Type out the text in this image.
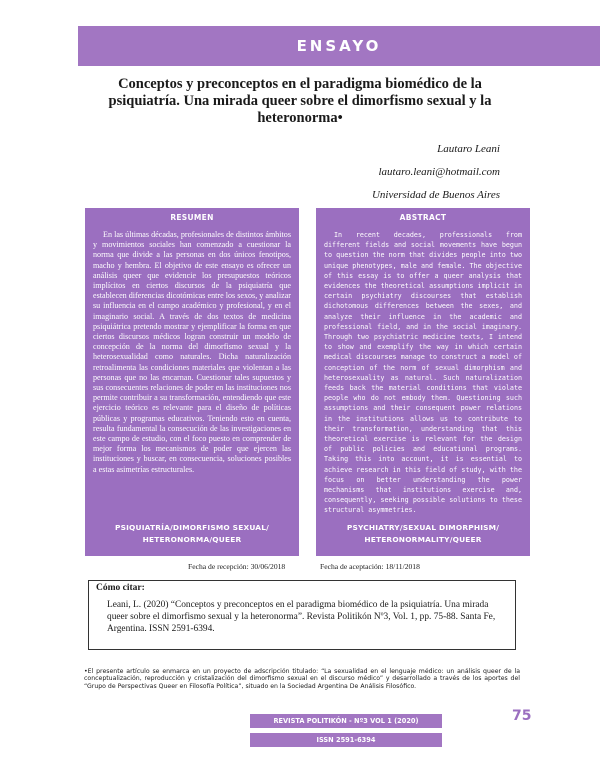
ENSAYO
Conceptos y preconceptos en el paradigma biomédico de la psiquiatría. Una mirada queer sobre el dimorfismo sexual y la heteronorma•
Lautaro Leani
lautaro.leani@hotmail.com
Universidad de Buenos Aires
RESUMEN
En las últimas décadas, profesionales de distintos ámbitos y movimientos sociales han comenzado a cuestionar la norma que divide a las personas en dos únicos fenotipos, macho y hembra. El objetivo de este ensayo es ofrecer un análisis queer que evidencie los presupuestos teóricos implícitos en ciertos discursos de la psiquiatría que establecen diferencias dicotómicas entre los sexos, y analizar su influencia en el campo académico y profesional, y en el imaginario social. A través de dos textos de medicina psiquiátrica pretendo mostrar y ejemplificar la forma en que ciertos discursos médicos logran construir un modelo de concepción de la norma del dimorfismo sexual y la heterosexualidad como naturales. Dicha naturalización retroalimenta las condiciones materiales que violentan a las personas que no las encarnan. Cuestionar tales supuestos y sus consecuentes relaciones de poder en las instituciones nos permite contribuir a su transformación, entendiendo que este ejercicio teórico es relevante para el diseño de políticas públicas y programas educativos. Teniendo esto en cuenta, resulta fundamental la consecución de las investigaciones en este campo de estudio, con el foco puesto en comprender de mejor forma los mecanismos de poder que ejercen las instituciones y buscar, en consecuencia, soluciones posibles a estas asimetrías estructurales.
PSIQUIATRÍA/DIMORFISMO SEXUAL/
HETERONORMA/QUEER
ABSTRACT
In recent decades, professionals from different fields and social movements have begun to question the norm that divides people into two unique phenotypes, male and female. The objective of this essay is to offer a queer analysis that evidences the theoretical assumptions implicit in certain psychiatry discourses that establish dichotomous differences between the sexes, and analyze their influence in the academic and professional field, and in the social imaginary. Through two psychiatric medicine texts, I intend to show and exemplify the way in which certain medical discourses manage to construct a model of conception of the norm of sexual dimorphism and heterosexuality as natural. Such naturalization feeds back the material conditions that violate people who do not embody them. Questioning such assumptions and their consequent power relations in the institutions allows us to contribute to their transformation, understanding that this theoretical exercise is relevant for the design of public policies and educational programs. Taking this into account, it is essential to achieve research in this field of study, with the focus on better understanding the power mechanisms that institutions exercise and, consequently, seeking possible solutions to these structural asymmetries.
PSYCHIATRY/SEXUAL DIMORPHISM/
HETERONORMALITY/QUEER
Fecha de recepción: 30/06/2018	Fecha de aceptación: 18/11/2018
Cómo citar:
Leani, L. (2020) “Conceptos y preconceptos en el paradigma biomédico de la psiquiatría. Una mirada queer sobre el dimorfismo sexual y la heteronorma”. Revista Politikón Nº3, Vol. 1, pp. 75-88. Santa Fe, Argentina. ISSN 2591-6394.
•El presente artículo se enmarca en un proyecto de adscripción titulado: “La sexualidad en el lenguaje médico: un análisis queer de la conceptualización, reproducción y cristalización del dimorfismo sexual en el discurso médico” y desarrollado a través de los aportes del “Grupo de Perspectivas Queer en Filosofía Política”, situado en la Sociedad Argentina De Análisis Filosófico.
REVISTA POLITIKÓN - Nº3 VOL 1 (2020)	75
ISSN 2591-6394
